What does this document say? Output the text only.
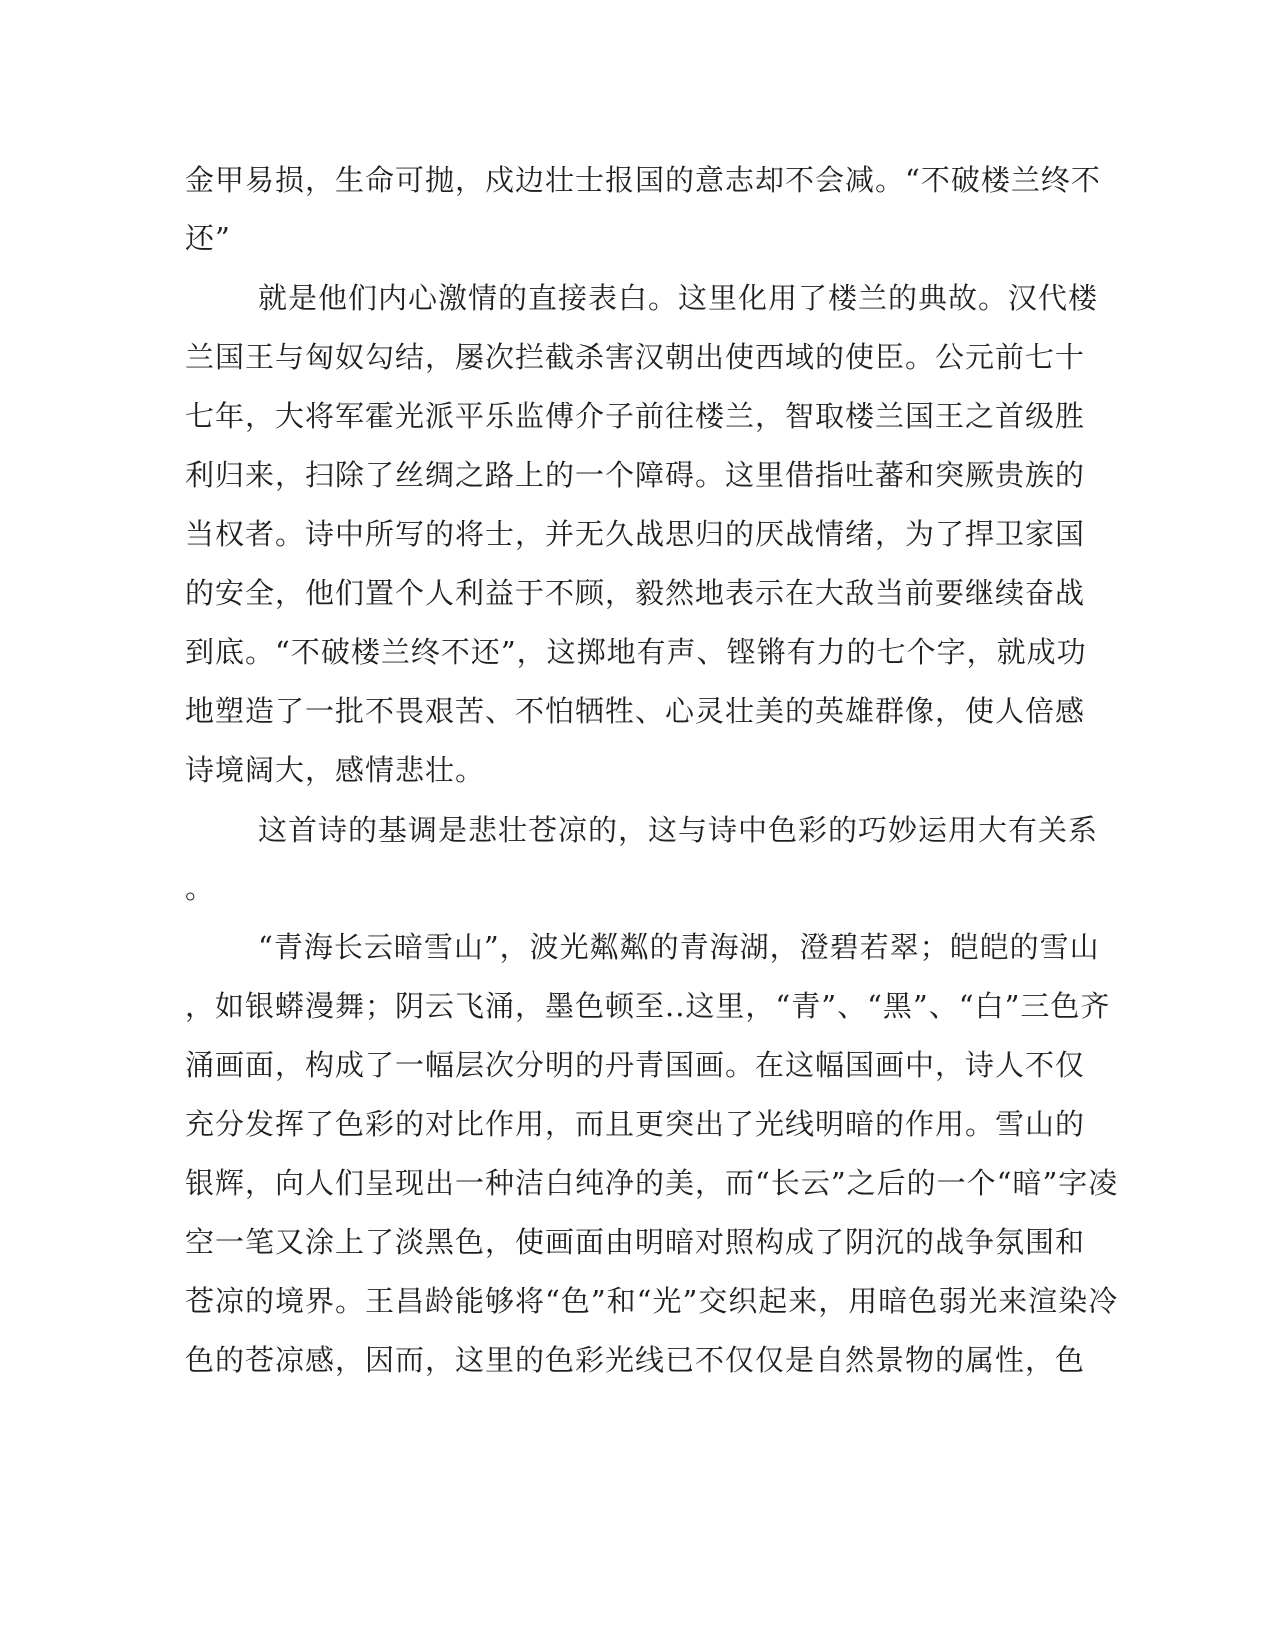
金甲易损，生命可抛，戍边壮士报国的意志却不会减。“不破楼兰终不

还”

就是他们内心激情的直接表白。这里化用了楼兰的典故。汉代楼

兰国王与匈奴勾结，屡次拦截杀害汉朝出使西域的使臣。公元前七十

七年，大将军霍光派平乐监傅介子前往楼兰，智取楼兰国王之首级胜

利归来，扫除了丝绸之路上的一个障碍。这里借指吐蕃和突厥贵族的

当权者。诗中所写的将士，并无久战思归的厌战情绪，为了捍卫家国

的安全，他们置个人利益于不顾，毅然地表示在大敌当前要继续奋战

到底。“不破楼兰终不还”，这掷地有声、铿锵有力的七个字，就成功

地塑造了一批不畏艰苦、不怕牺牲、心灵壮美的英雄群像，使人倍感

诗境阔大，感情悲壮。

这首诗的基调是悲壮苍凉的，这与诗中色彩的巧妙运用大有关系

。

“青海长云暗雪山”，波光粼粼的青海湖，澄碧若翠；皑皑的雪山

，如银蟒漫舞；阴云飞涌，墨色顿至..这里，“青”、“黑”、“白”三色齐

涌画面，构成了一幅层次分明的丹青国画。在这幅国画中，诗人不仅

充分发挥了色彩的对比作用，而且更突出了光线明暗的作用。雪山的

银辉，向人们呈现出一种洁白纯净的美，而“长云”之后的一个“暗”字凌

空一笔又涂上了淡黑色，使画面由明暗对照构成了阴沉的战争氛围和

苍凉的境界。王昌龄能够将“色”和“光”交织起来，用暗色弱光来渲染冷

色的苍凉感，因而，这里的色彩光线已不仅仅是自然景物的属性，色
